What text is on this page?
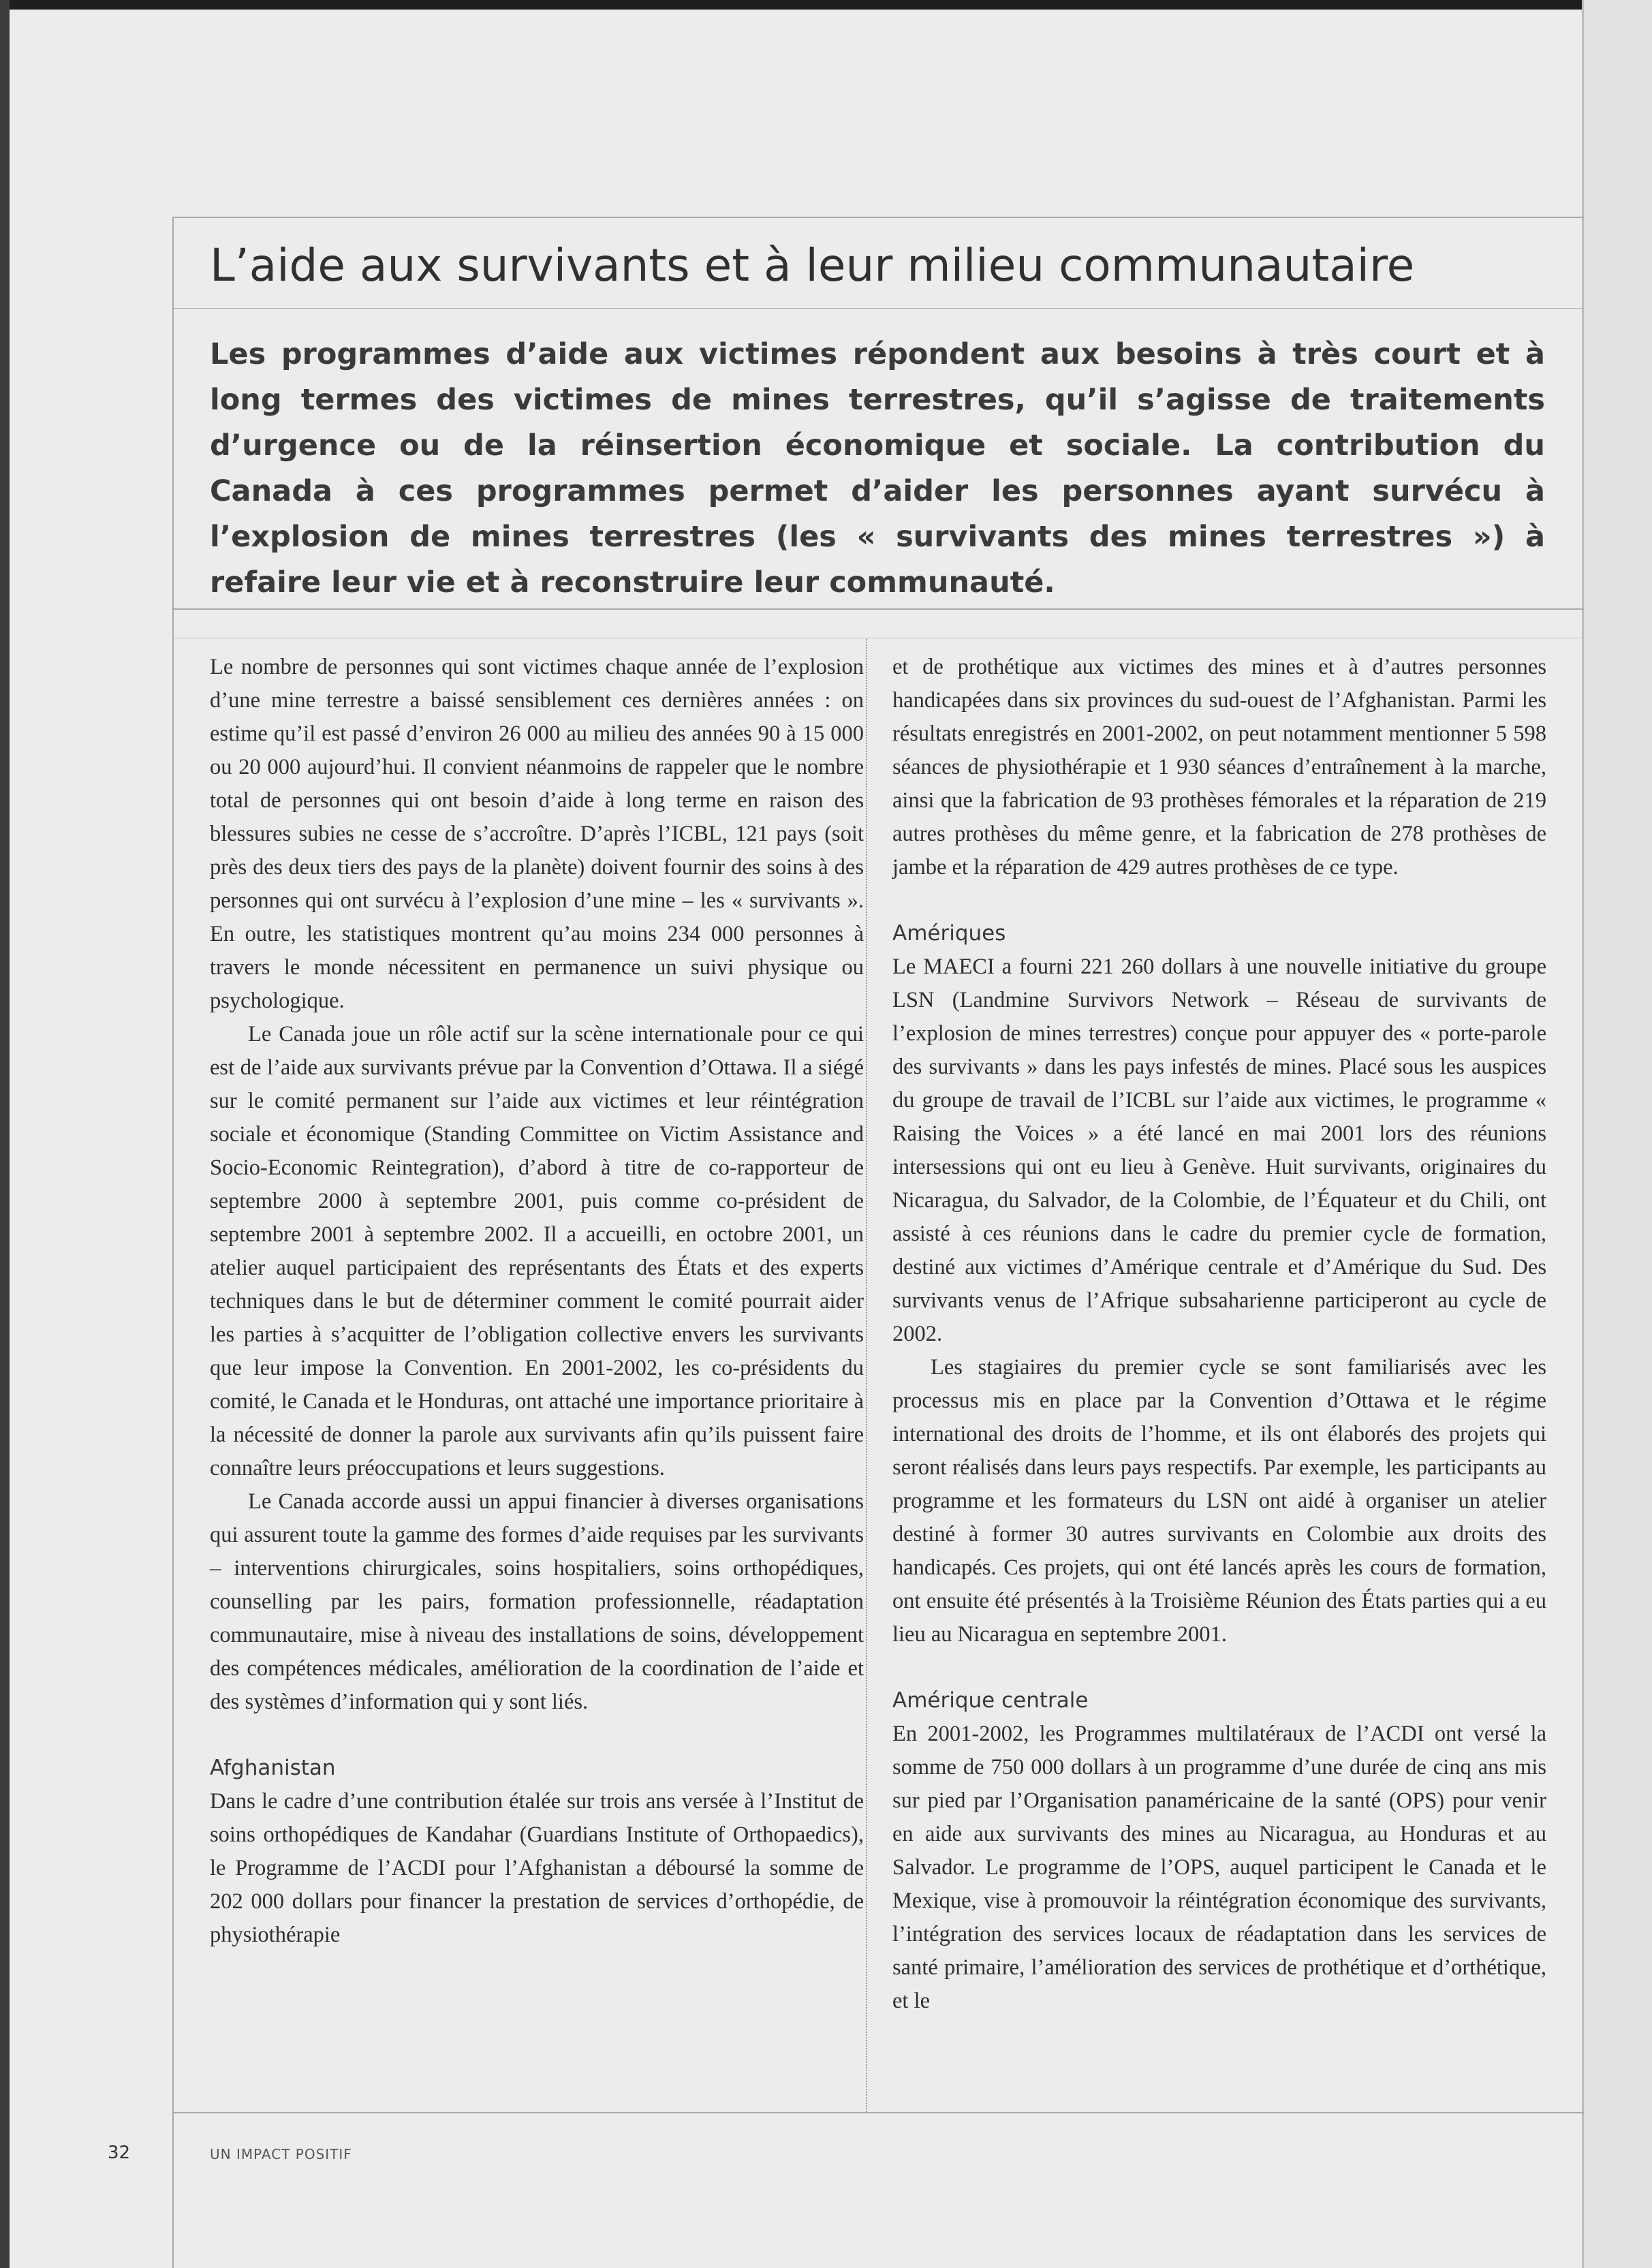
L’aide aux survivants et à leur milieu communautaire

Les programmes d’aide aux victimes répondent aux besoins à très court et à long termes des victimes de mines terrestres, qu’il s’agisse de traitements d’urgence ou de la réinsertion économique et sociale. La contribution du Canada à ces programmes permet d’aider les personnes ayant survécu à l’explosion de mines terrestres (les « survivants des mines terrestres ») à refaire leur vie et à reconstruire leur communauté.

Le nombre de personnes qui sont victimes chaque année de l’explosion d’une mine terrestre a baissé sensiblement ces dernières années : on estime qu’il est passé d’environ 26 000 au milieu des années 90 à 15 000 ou 20 000 aujourd’hui. Il convient néanmoins de rappeler que le nombre total de personnes qui ont besoin d’aide à long terme en raison des blessures subies ne cesse de s’accroître. D’après l’ICBL, 121 pays (soit près des deux tiers des pays de la planète) doivent fournir des soins à des personnes qui ont survécu à l’explosion d’une mine – les « survivants ». En outre, les statistiques montrent qu’au moins 234 000 personnes à travers le monde nécessitent en permanence un suivi physique ou psychologique.

Le Canada joue un rôle actif sur la scène internationale pour ce qui est de l’aide aux survivants prévue par la Convention d’Ottawa. Il a siégé sur le comité permanent sur l’aide aux victimes et leur réintégration sociale et économique (Standing Committee on Victim Assistance and Socio-Economic Reintegration), d’abord à titre de co-rapporteur de septembre 2000 à septembre 2001, puis comme co-président de septembre 2001 à septembre 2002. Il a accueilli, en octobre 2001, un atelier auquel participaient des représentants des États et des experts techniques dans le but de déterminer comment le comité pourrait aider les parties à s’acquitter de l’obligation collective envers les survivants que leur impose la Convention. En 2001-2002, les co-présidents du comité, le Canada et le Honduras, ont attaché une importance prioritaire à la nécessité de donner la parole aux survivants afin qu’ils puissent faire connaître leurs préoccupations et leurs suggestions.

Le Canada accorde aussi un appui financier à diverses organisations qui assurent toute la gamme des formes d’aide requises par les survivants – interventions chirurgicales, soins hospitaliers, soins orthopédiques, counselling par les pairs, formation professionnelle, réadaptation communautaire, mise à niveau des installations de soins, développement des compétences médicales, amélioration de la coordination de l’aide et des systèmes d’information qui y sont liés.

Afghanistan

Dans le cadre d’une contribution étalée sur trois ans versée à l’Institut de soins orthopédiques de Kandahar (Guardians Institute of Orthopaedics), le Programme de l’ACDI pour l’Afghanistan a déboursé la somme de 202 000 dollars pour financer la prestation de services d’orthopédie, de physiothérapie

et de prothétique aux victimes des mines et à d’autres personnes handicapées dans six provinces du sud-ouest de l’Afghanistan. Parmi les résultats enregistrés en 2001-2002, on peut notamment mentionner 5 598 séances de physiothérapie et 1 930 séances d’entraînement à la marche, ainsi que la fabrication de 93 prothèses fémorales et la réparation de 219 autres prothèses du même genre, et la fabrication de 278 prothèses de jambe et la réparation de 429 autres prothèses de ce type.

Amériques

Le MAECI a fourni 221 260 dollars à une nouvelle initiative du groupe LSN (Landmine Survivors Network – Réseau de survivants de l’explosion de mines terrestres) conçue pour appuyer des « porte-parole des survivants » dans les pays infestés de mines. Placé sous les auspices du groupe de travail de l’ICBL sur l’aide aux victimes, le programme « Raising the Voices » a été lancé en mai 2001 lors des réunions intersessions qui ont eu lieu à Genève. Huit survivants, originaires du Nicaragua, du Salvador, de la Colombie, de l’Équateur et du Chili, ont assisté à ces réunions dans le cadre du premier cycle de formation, destiné aux victimes d’Amérique centrale et d’Amérique du Sud. Des survivants venus de l’Afrique subsaharienne participeront au cycle de 2002.

Les stagiaires du premier cycle se sont familiarisés avec les processus mis en place par la Convention d’Ottawa et le régime international des droits de l’homme, et ils ont élaborés des projets qui seront réalisés dans leurs pays respectifs. Par exemple, les participants au programme et les formateurs du LSN ont aidé à organiser un atelier destiné à former 30 autres survivants en Colombie aux droits des handicapés. Ces projets, qui ont été lancés après les cours de formation, ont ensuite été présentés à la Troisième Réunion des États parties qui a eu lieu au Nicaragua en septembre 2001.

Amérique centrale

En 2001-2002, les Programmes multilatéraux de l’ACDI ont versé la somme de 750 000 dollars à un programme d’une durée de cinq ans mis sur pied par l’Organisation panaméricaine de la santé (OPS) pour venir en aide aux survivants des mines au Nicaragua, au Honduras et au Salvador. Le programme de l’OPS, auquel participent le Canada et le Mexique, vise à promouvoir la réintégration économique des survivants, l’intégration des services locaux de réadaptation dans les services de santé primaire, l’amélioration des services de prothétique et d’orthétique, et le

32	UN IMPACT POSITIF
